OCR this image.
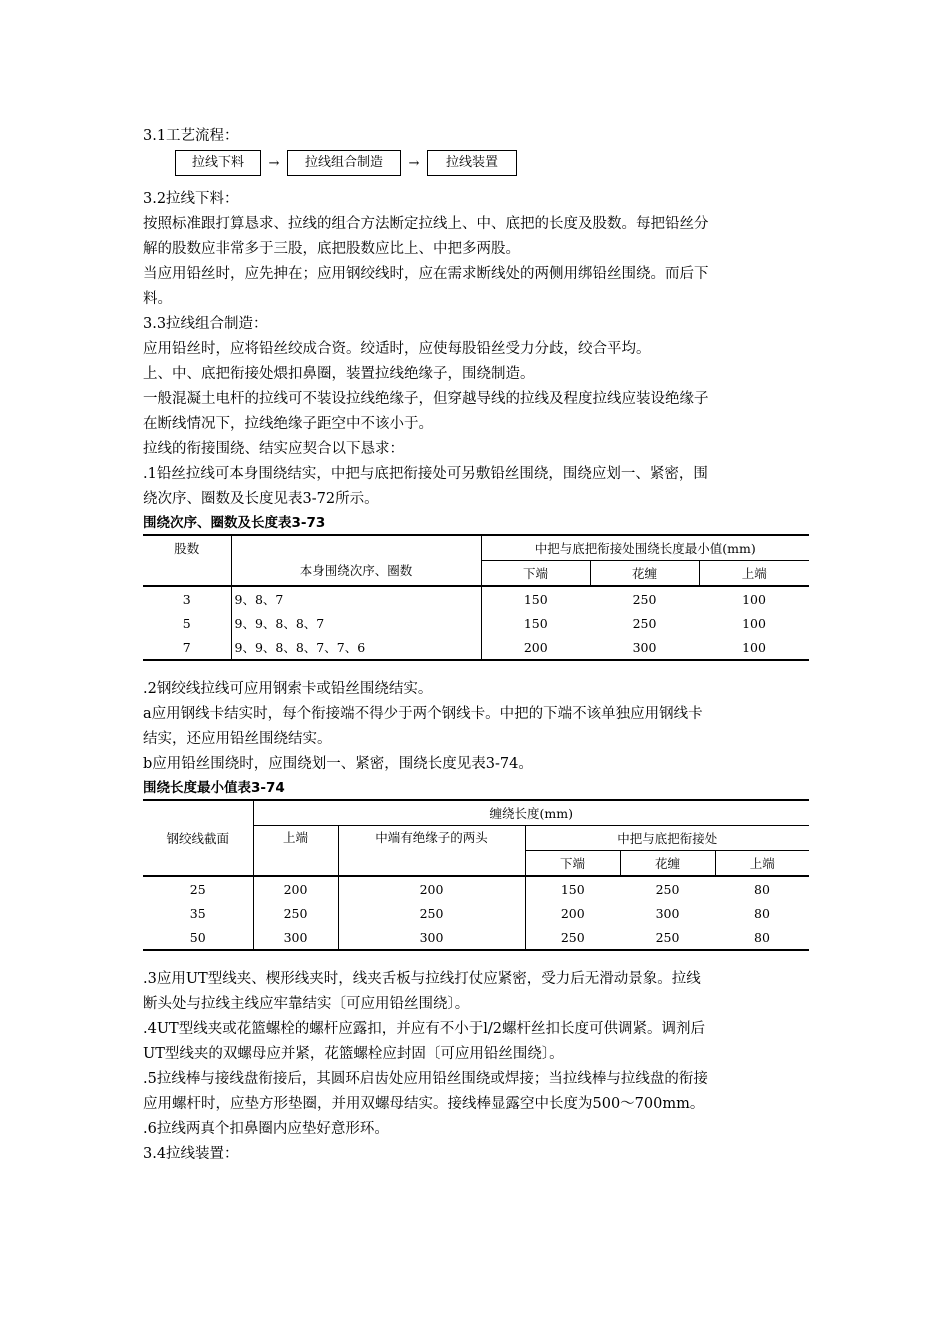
3.1工艺流程：
拉线下料	→	拉线组合制造	→	拉线装置
3.2拉线下料：
按照标准跟打算恳求、拉线的组合方法断定拉线上、中、底把的长度及股数。每把铅丝分
解的股数应非常多于三股，底把股数应比上、中把多两股。
当应用铅丝时，应先抻在；应用钢绞线时，应在需求断线处的两侧用绑铅丝围绕。而后下
料。
3.3拉线组合制造：
应用铅丝时，应将铅丝绞成合资。绞适时，应使每股铅丝受力分歧，绞合平均。
上、中、底把衔接处煨扣鼻圈，装置拉线绝缘子，围绕制造。
一般混凝土电杆的拉线可不装设拉线绝缘子，但穿越导线的拉线及程度拉线应装设绝缘子
在断线情况下，拉线绝缘子距空中不该小于。
拉线的衔接围绕、结实应契合以下恳求：
.1铅丝拉线可本身围绕结实，中把与底把衔接处可另敷铅丝围绕，围绕应划一、紧密，围
绕次序、圈数及长度见表3-72所示。
围绕次序、圈数及长度表3-73
股数	本身围绕次序、圈数	中把与底把衔接处围绕长度最小值(mm)		
		下端	花缠	上端
3	9、8、7	150	250	100
5	9、9、8、8、7	150	250	100
7	9、9、8、8、7、7、6	200	300	100
.2钢绞线拉线可应用钢索卡或铅丝围绕结实。
a应用钢线卡结实时，每个衔接端不得少于两个钢线卡。中把的下端不该单独应用钢线卡
结实，还应用铅丝围绕结实。
b应用铅丝围绕时，应围绕划一、紧密，围绕长度见表3-74。
围绕长度最小值表3-74
钢绞线截面	缠绕长度(mm)				
	上端	中端有绝缘子的两头	中把与底把衔接处		
			下端	花缠	上端
25	200	200	150	250	80
35	250	250	200	300	80
50	300	300	250	250	80
.3应用UT型线夹、楔形线夹时，线夹舌板与拉线打仗应紧密，受力后无滑动景象。拉线
断头处与拉线主线应牢靠结实〔可应用铅丝围绕〕。
.4UT型线夹或花篮螺栓的螺杆应露扣，并应有不小于l/2螺杆丝扣长度可供调紧。调剂后
UT型线夹的双螺母应并紧，花篮螺栓应封固〔可应用铅丝围绕〕。
.5拉线棒与接线盘衔接后，其圆环启齿处应用铅丝围绕或焊接；当拉线棒与拉线盘的衔接
应用螺杆时，应垫方形垫圈，并用双螺母结实。接线棒显露空中长度为500～700mm。
.6拉线两真个扣鼻圈内应垫好意形环。
3.4拉线装置：
